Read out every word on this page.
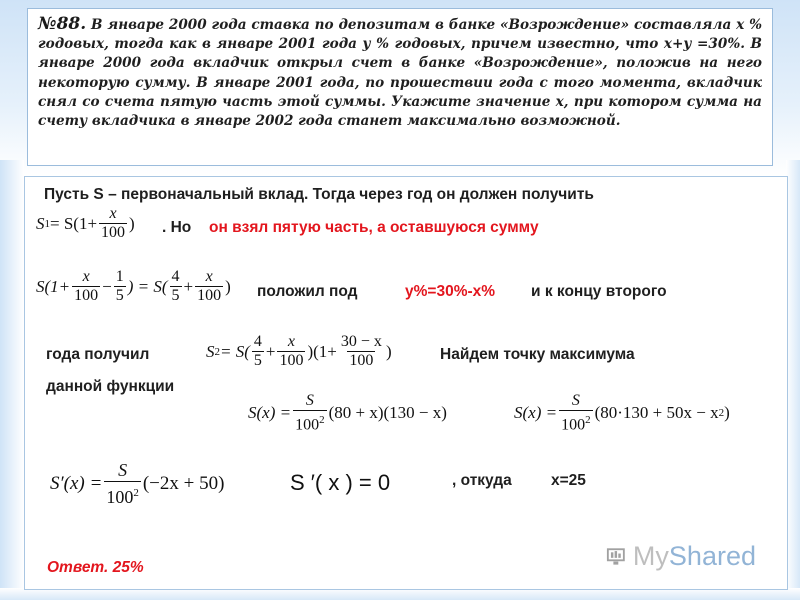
№88. В январе 2000 года ставка по депозитам в банке «Возрождение» составляла х % годовых, тогда как в январе 2001 года у % годовых, причем известно, что х+у =30%. В январе 2000 года вкладчик открыл счет в банке «Возрождение», положив на него некоторую сумму. В январе 2001 года, по прошествии года с того момента, вкладчик снял со счета пятую часть этой суммы. Укажите значение х, при котором сумма на счету вкладчика в январе 2002 года станет максимально возможной.
Пусть S – первоначальный вклад. Тогда через год он должен получить
S $1 = S(1+ \frac{x}{100}$ ) . Но он взял пятую часть, а оставшуюся сумму
$S(1+ \frac{x}{100} - \frac{1}{5}$ ) = $S( \frac{4}{5} + \frac{x}{100}$ ) положил под	у%=30%-х% и к концу второго
года получил	S $2 = S( \frac{4}{5} + \frac{x}{100} )(1+ \frac{30 - x}{100}$ )	Найдем точку максимума
данной функции
$S(x) = \frac{S}{100^2} (80 + x)(130 - x)$	$S(x) = \frac{S}{100^2} (80\cdot 130 + 50x - x$ 2 )
$S'(x) = \frac{S}{100^2} (-2x + 50)$	S ′( x ) = 0	, откуда	х=25
Ответ. 25%	MyShared
